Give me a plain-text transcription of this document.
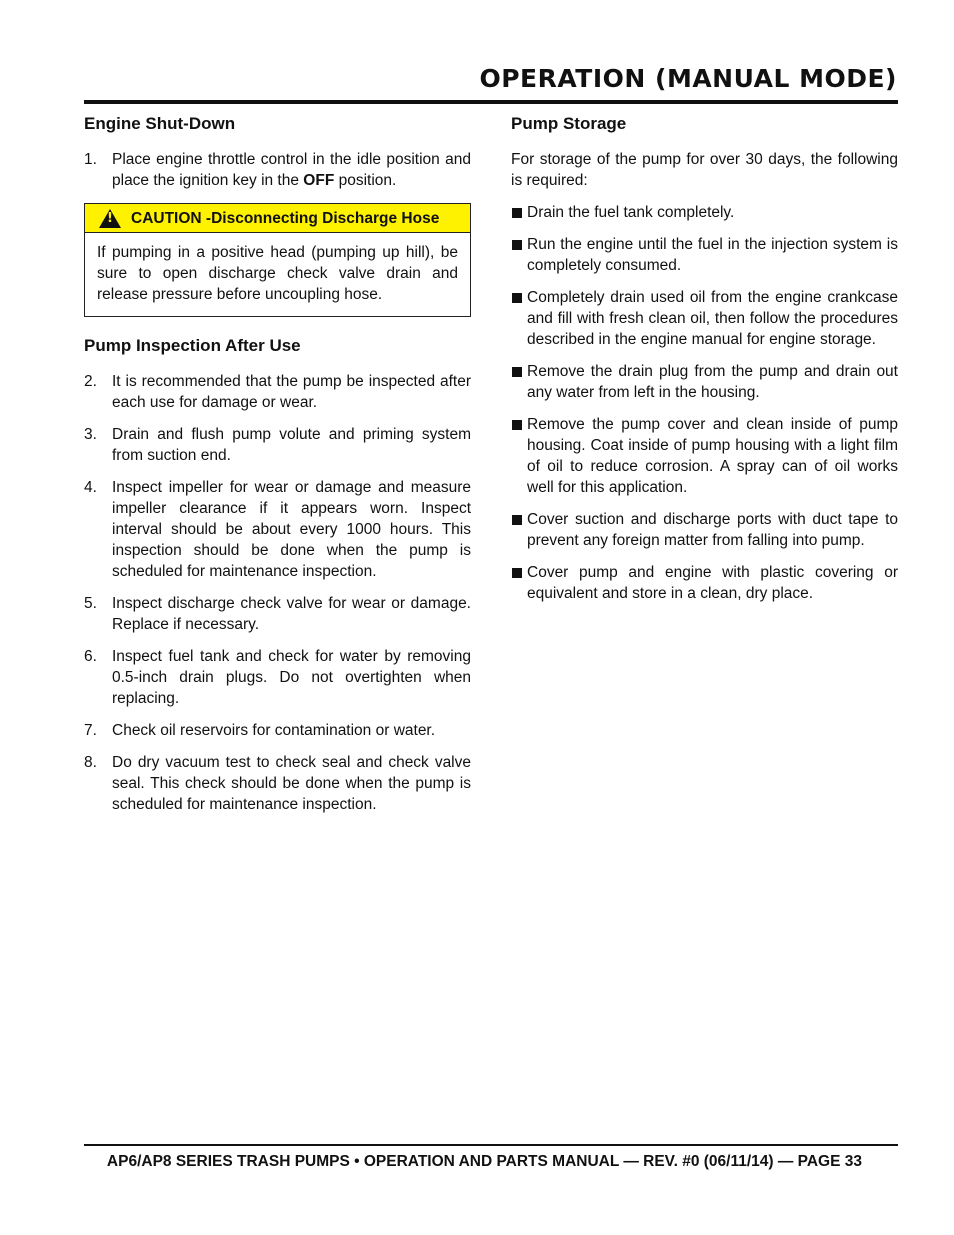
OPERATION (MANUAL MODE)
Engine Shut-Down
1. Place engine throttle control in the idle position and place the ignition key in the OFF position.
!
CAUTION -Disconnecting Discharge Hose
If pumping in a positive head (pumping up hill), be sure to open discharge check valve drain and release pressure before uncoupling hose.
Pump Inspection After Use
2. It is recommended that the pump be inspected after each use for damage or wear.
3. Drain and flush pump volute and priming system from suction end.
4. Inspect impeller for wear or damage and measure impeller clearance if it appears worn. Inspect interval should be about every 1000 hours. This inspection should be done when the pump is scheduled for maintenance inspection.
5. Inspect discharge check valve for wear or damage. Replace if necessary.
6. Inspect fuel tank and check for water by removing 0.5-inch drain plugs. Do not overtighten when replacing.
7. Check oil reservoirs for contamination or water.
8. Do dry vacuum test to check seal and check valve seal. This check should be done when the pump is scheduled for maintenance inspection.
Pump Storage
For storage of the pump for over 30 days, the following is required:
Drain the fuel tank completely.
Run the engine until the fuel in the injection system is completely consumed.
Completely drain used oil from the engine crankcase and fill with fresh clean oil, then follow the procedures described in the engine manual for engine storage.
Remove the drain plug from the pump and drain out any water from left in the housing.
Remove the pump cover and clean inside of pump housing. Coat inside of pump housing with a light film of oil to reduce corrosion. A spray can of oil works well for this application.
Cover suction and discharge ports with duct tape to prevent any foreign matter from falling into pump.
Cover pump and engine with plastic covering or equivalent and store in a clean, dry place.
AP6/AP8 SERIES TRASH PUMPS • OPERATION AND PARTS MANUAL — REV. #0 (06/11/14) — PAGE 33
